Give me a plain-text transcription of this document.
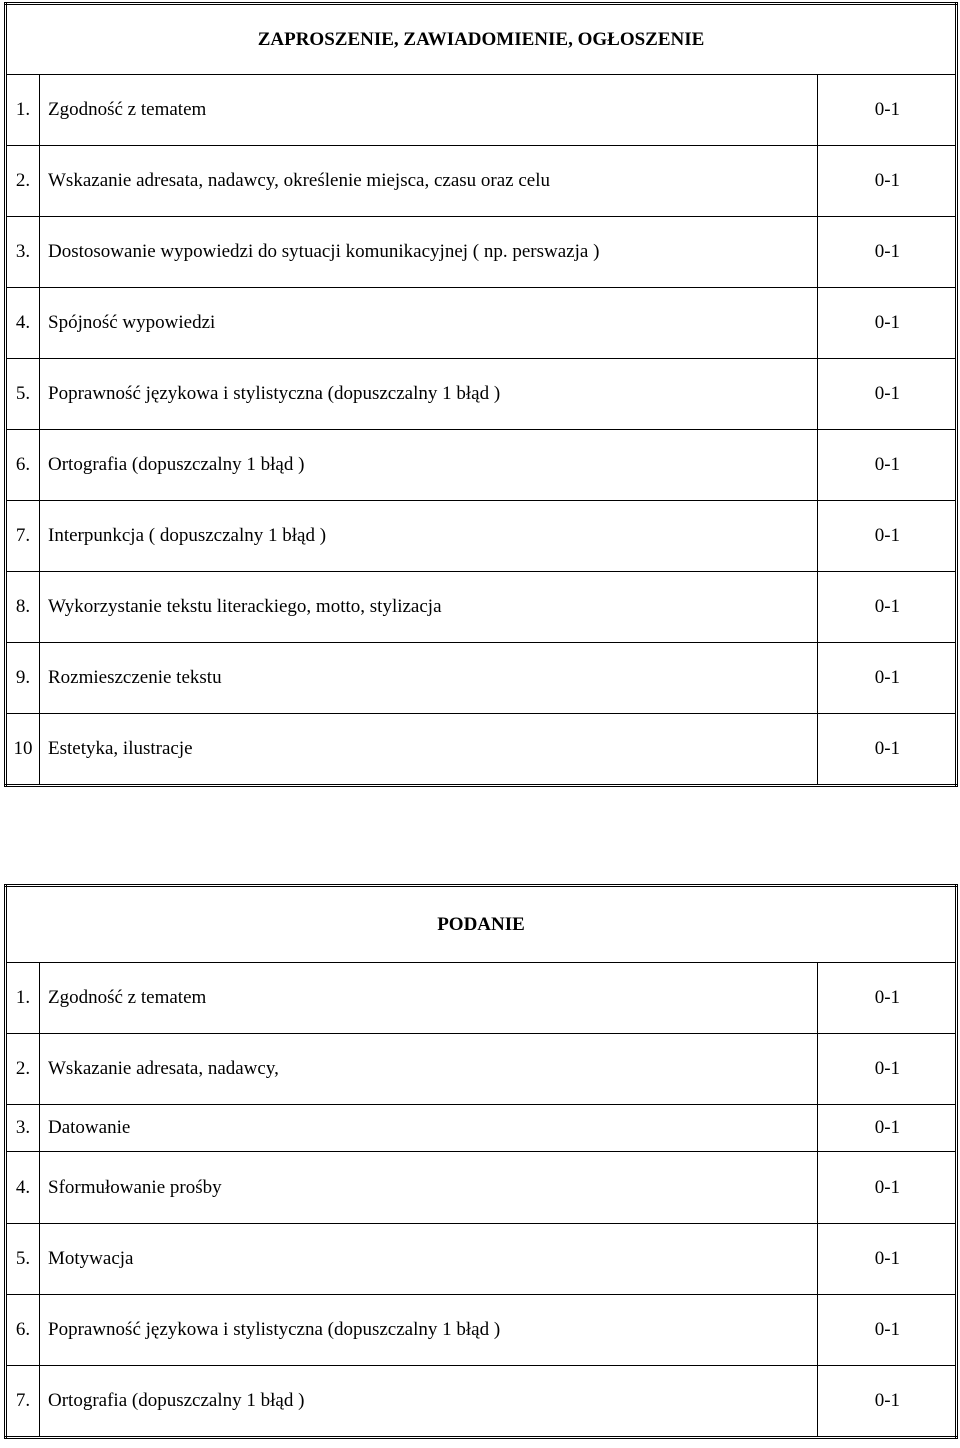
ZAPROSZENIE, ZAWIADOMIENIE, OGŁOSZENIE		
1.	Zgodność z tematem	0-1
2.	Wskazanie adresata, nadawcy, określenie miejsca, czasu oraz celu	0-1
3.	Dostosowanie wypowiedzi do sytuacji komunikacyjnej ( np. perswazja )	0-1
4.	Spójność wypowiedzi	0-1
5.	Poprawność językowa i stylistyczna (dopuszczalny 1 błąd )	0-1
6.	Ortografia (dopuszczalny 1 błąd )	0-1
7.	Interpunkcja ( dopuszczalny 1 błąd )	0-1
8.	Wykorzystanie tekstu literackiego, motto, stylizacja	0-1
9.	Rozmieszczenie tekstu	0-1
10	Estetyka, ilustracje	0-1
PODANIE		
1.	Zgodność z tematem	0-1
2.	Wskazanie adresata, nadawcy,	0-1
3.	Datowanie	0-1
4.	Sformułowanie prośby	0-1
5.	Motywacja	0-1
6.	Poprawność językowa i stylistyczna (dopuszczalny 1 błąd )	0-1
7.	Ortografia (dopuszczalny 1 błąd )	0-1
